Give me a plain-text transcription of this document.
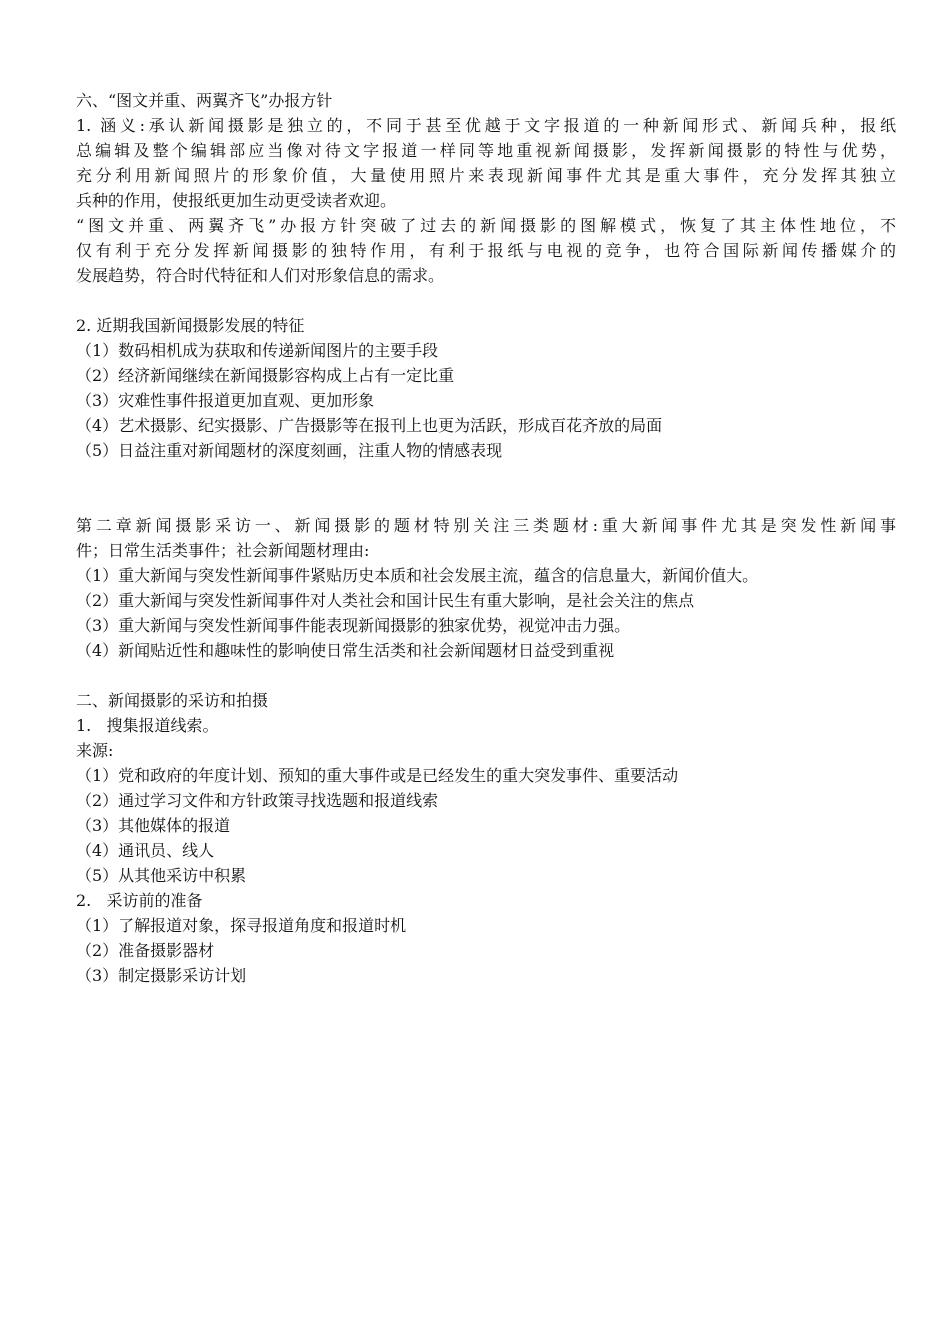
六、“图文并重、两翼齐飞”办报方针
1. 涵义:承认新闻摄影是独立的，不同于甚至优越于文字报道的一种新闻形式、新闻兵种，报纸
总编辑及整个编辑部应当像对待文字报道一样同等地重视新闻摄影，发挥新闻摄影的特性与优势，
充分利用新闻照片的形象价值，大量使用照片来表现新闻事件尤其是重大事件，充分发挥其独立
兵种的作用，使报纸更加生动更受读者欢迎。
“图文并重、两翼齐飞”办报方针突破了过去的新闻摄影的图解模式，恢复了其主体性地位，不
仅有利于充分发挥新闻摄影的独特作用，有利于报纸与电视的竞争，也符合国际新闻传播媒介的
发展趋势，符合时代特征和人们对形象信息的需求。
2. 近期我国新闻摄影发展的特征
（1）数码相机成为获取和传递新闻图片的主要手段
（2）经济新闻继续在新闻摄影容构成上占有一定比重
（3）灾难性事件报道更加直观、更加形象
（4）艺术摄影、纪实摄影、广告摄影等在报刊上也更为活跃，形成百花齐放的局面
（5）日益注重对新闻题材的深度刻画，注重人物的情感表现
第二章新闻摄影采访一、新闻摄影的题材特别关注三类题材:重大新闻事件尤其是突发性新闻事
件；日常生活类事件；社会新闻题材理由:
（1）重大新闻与突发性新闻事件紧贴历史本质和社会发展主流，蕴含的信息量大，新闻价值大。
（2）重大新闻与突发性新闻事件对人类社会和国计民生有重大影响，是社会关注的焦点
（3）重大新闻与突发性新闻事件能表现新闻摄影的独家优势，视觉冲击力强。
（4）新闻贴近性和趣味性的影响使日常生活类和社会新闻题材日益受到重视
二、新闻摄影的采访和拍摄
1.   搜集报道线索。
来源:
（1）党和政府的年度计划、预知的重大事件或是已经发生的重大突发事件、重要活动
（2）通过学习文件和方针政策寻找选题和报道线索
（3）其他媒体的报道
（4）通讯员、线人
（5）从其他采访中积累
2.   采访前的准备
（1）了解报道对象，探寻报道角度和报道时机
（2）准备摄影器材
（3）制定摄影采访计划
